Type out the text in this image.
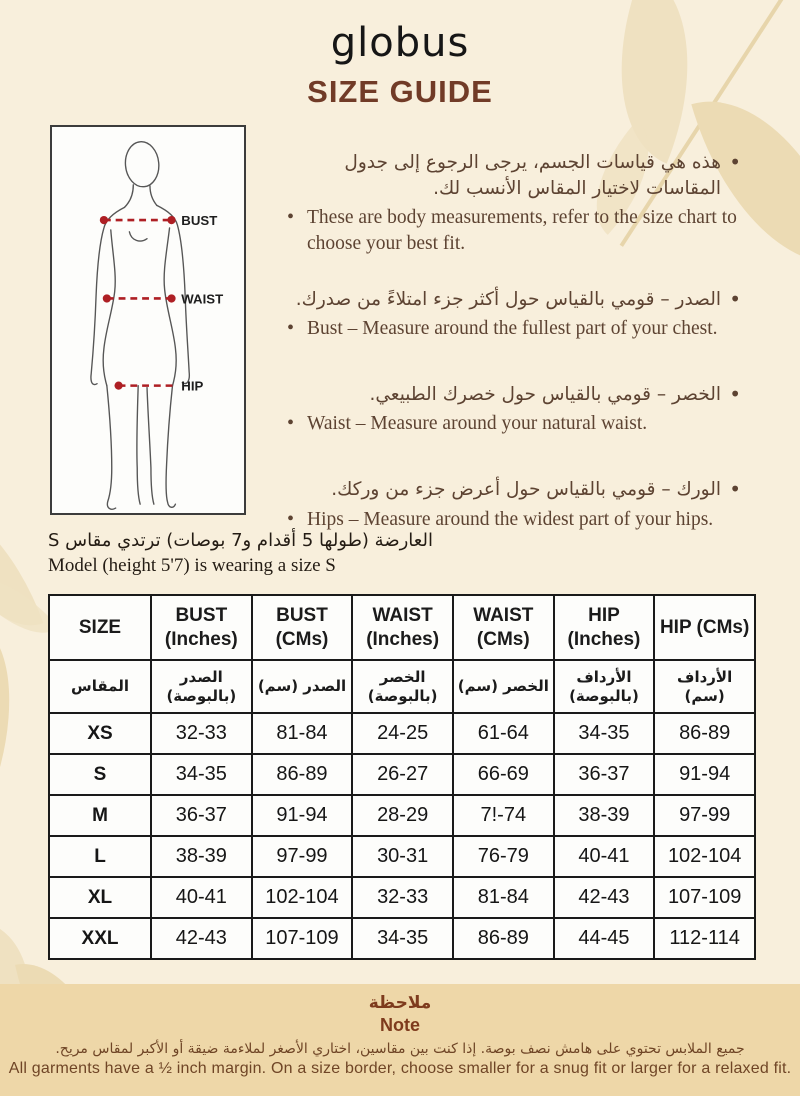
globus
SIZE GUIDE
BUST
WAIST
HIP
• هذه هي قياسات الجسم، يرجى الرجوع إلى جدول المقاسات لاختيار المقاس الأنسب لك.
• These are body measurements, refer to the size chart to choose your best fit.
• الصدر – قومي بالقياس حول أكثر جزء امتلاءً من صدرك.
• Bust – Measure around the fullest part of your chest.
• الخصر – قومي بالقياس حول خصرك الطبيعي.
• Waist – Measure around your natural waist.
• الورك – قومي بالقياس حول أعرض جزء من وركك.
• Hips – Measure around the widest part of your hips.
العارضة (طولها 5 أقدام و7 بوصات) ترتدي مقاس S
Model (height 5'7) is wearing a size S
SIZE	BUST (Inches)	BUST (CMs)	WAIST (Inches)	WAIST (CMs)	HIP (Inches)	HIP (CMs)
المقاس	الصدر (بالبوصة)	الصدر (سم)	الخصر (بالبوصة)	الخصر (سم)	الأرداف (بالبوصة)	الأرداف (سم)
XS	32-33	81-84	24-25	61-64	34-35	86-89
S	34-35	86-89	26-27	66-69	36-37	91-94
M	36-37	91-94	28-29	7!-74	38-39	97-99
L	38-39	97-99	30-31	76-79	40-41	102-104
XL	40-41	102-104	32-33	81-84	42-43	107-109
XXL	42-43	107-109	34-35	86-89	44-45	112-114
ملاحظة
Note
جميع الملابس تحتوي على هامش نصف بوصة. إذا كنت بين مقاسين، اختاري الأصغر لملاءمة ضيقة أو الأكبر لمقاس مريح.
All garments have a ½ inch margin. On a size border, choose smaller for a snug fit or larger for a relaxed fit.
